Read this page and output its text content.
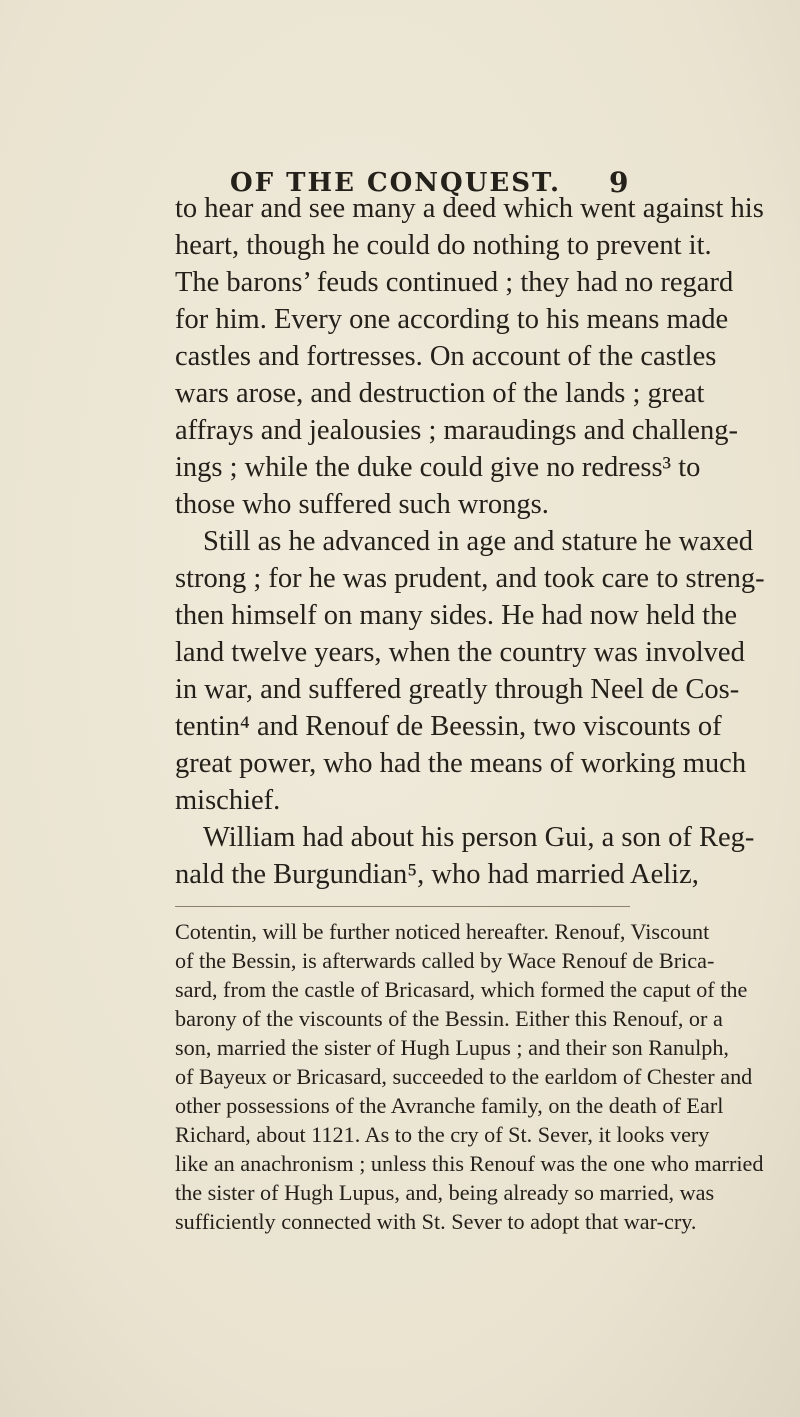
OF THE CONQUEST. 9
to hear and see many a deed which went against his
heart, though he could do nothing to prevent it.
The barons’ feuds continued ; they had no regard
for him. Every one according to his means made
castles and fortresses. On account of the castles
wars arose, and destruction of the lands ; great
affrays and jealousies ; maraudings and challeng-
ings ; while the duke could give no redress³ to
those who suffered such wrongs.
Still as he advanced in age and stature he waxed
strong ; for he was prudent, and took care to streng-
then himself on many sides. He had now held the
land twelve years, when the country was involved
in war, and suffered greatly through Neel de Cos-
tentin⁴ and Renouf de Beessin, two viscounts of
great power, who had the means of working much
mischief.
William had about his person Gui, a son of Reg-
nald the Burgundian⁵, who had married Aeliz,
Cotentin, will be further noticed hereafter. Renouf, Viscount
of the Bessin, is afterwards called by Wace Renouf de Brica-
sard, from the castle of Bricasard, which formed the caput of the
barony of the viscounts of the Bessin. Either this Renouf, or a
son, married the sister of Hugh Lupus ; and their son Ranulph,
of Bayeux or Bricasard, succeeded to the earldom of Chester and
other possessions of the Avranche family, on the death of Earl
Richard, about 1121. As to the cry of St. Sever, it looks very
like an anachronism ; unless this Renouf was the one who married
the sister of Hugh Lupus, and, being already so married, was
sufficiently connected with St. Sever to adopt that war-cry.
